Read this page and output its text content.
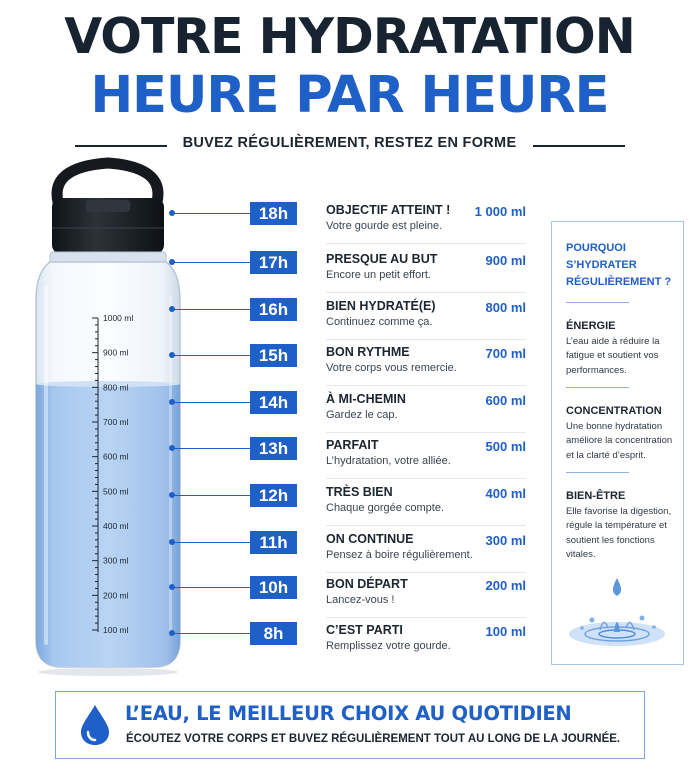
VOTRE HYDRATATION
HEURE PAR HEURE
BUVEZ RÉGULIÈREMENT, RESTEZ EN FORME
1000 ml
900 ml
800 ml
700 ml
600 ml
500 ml
400 ml
300 ml
200 ml
100 ml
18h	OBJECTIF ATTEINT !
Votre gourde est pleine.
1 000 ml
17h	PRESQUE AU BUT
Encore un petit effort.
900 ml
16h	BIEN HYDRATÉ(E)
Continuez comme ça.
800 ml
15h	BON RYTHME
Votre corps vous remercie.
700 ml
14h	À MI-CHEMIN
Gardez le cap.
600 ml
13h	PARFAIT
L’hydratation, votre alliée.
500 ml
12h	TRÈS BIEN
Chaque gorgée compte.
400 ml
11h	ON CONTINUE
Pensez à boire régulièrement.
300 ml
10h	BON DÉPART
Lancez-vous !
200 ml
8h	C’EST PARTI
Remplissez votre gourde.
100 ml
POURQUOI S’HYDRATER RÉGULIÈREMENT ?
ÉNERGIE
L’eau aide à réduire la fatigue et soutient vos performances.
CONCENTRATION
Une bonne hydratation améliore la concentration et la clarté d’esprit.
BIEN-ÊTRE
Elle favorise la digestion, régule la température et soutient les fonctions vitales.
L’EAU, LE MEILLEUR CHOIX AU QUOTIDIEN
ÉCOUTEZ VOTRE CORPS ET BUVEZ RÉGULIÈREMENT TOUT AU LONG DE LA JOURNÉE.
